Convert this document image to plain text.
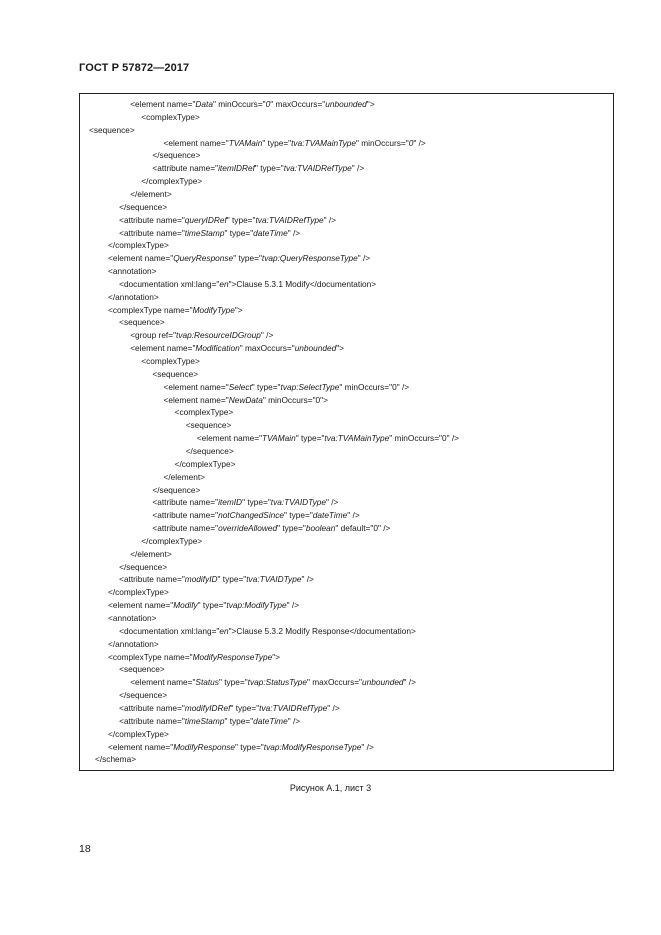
ГОСТ Р 57872—2017
<element name="Data" minOccurs="0" maxOccurs="unbounded">
<complexType>
<sequence>
<element name="TVAMain" type="tva:TVAMainType" minOccurs="0" />
</sequence>
<attribute name="itemIDRef" type="tva:TVAIDRefType" />
</complexType>
</element>
</sequence>
<attribute name="queryIDRef" type="tva:TVAIDRefType" />
<attribute name="timeStamp" type="dateTime" />
</complexType>
<element name="QueryResponse" type="tvap:QueryResponseType" />
<annotation>
<documentation xml:lang="en">Clause 5.3.1 Modify</documentation>
</annotation>
<complexType name="ModifyType">
<sequence>
<group ref="tvap:ResourceIDGroup" />
<element name="Modification" maxOccurs="unbounded">
<complexType>
<sequence>
<element name="Select" type="tvap:SelectType" minOccurs="0" />
<element name="NewData" minOccurs="0">
<complexType>
<sequence>
<element name="TVAMain" type="tva:TVAMainType" minOccurs="0" />
</sequence>
</complexType>
</element>
</sequence>
<attribute name="itemID" type="tva:TVAIDType" />
<attribute name="notChangedSince" type="dateTime" />
<attribute name="overrideAllowed" type="boolean" default="0" />
</complexType>
</element>
</sequence>
<attribute name="modifyID" type="tva:TVAIDType" />
</complexType>
<element name="Modify" type="tvap:ModifyType" />
<annotation>
<documentation xml:lang="en">Clause 5.3.2 Modify Response</documentation>
</annotation>
<complexType name="ModifyResponseType">
<sequence>
<element name="Status" type="tvap:StatusType" maxOccurs="unbounded" />
</sequence>
<attribute name="modifyIDRef" type="tva:TVAIDRefType" />
<attribute name="timeStamp" type="dateTime" />
</complexType>
<element name="ModifyResponse" type="tvap:ModifyResponseType" />
</schema>
Рисунок А.1, лист 3
18
